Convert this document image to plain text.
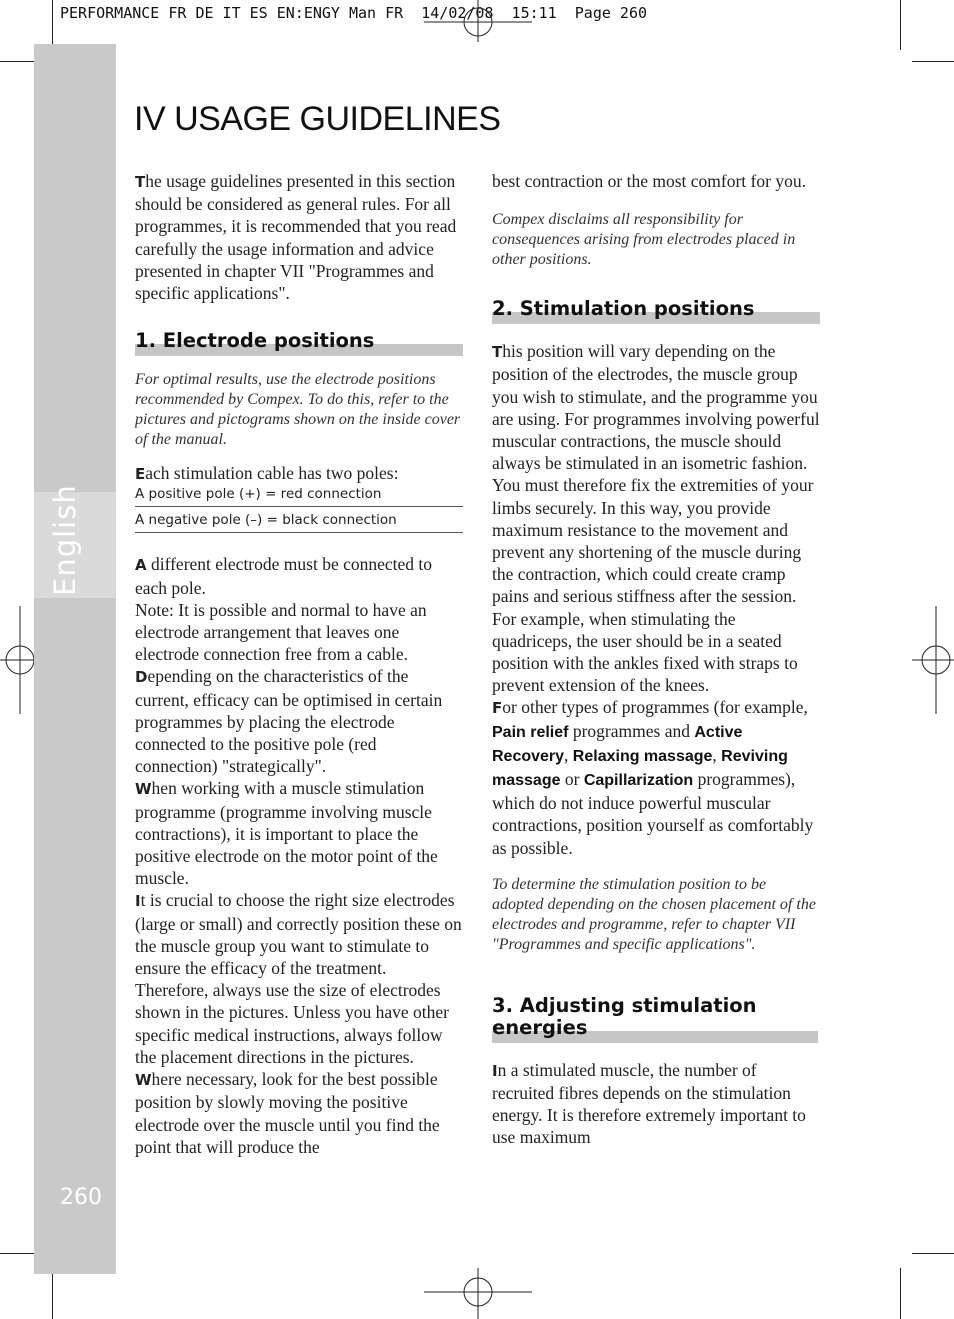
PERFORMANCE FR DE IT ES EN:ENGY Man FR  14/02/08  15:11  Page 260
English
260
IV USAGE GUIDELINES

The usage guidelines presented in this section should be considered as general rules. For all programmes, it is recommended that you read carefully the usage information and advice presented in chapter VII "Programmes and specific applications".

1. Electrode positions

For optimal results, use the electrode positions recommended by Compex. To do this, refer to the pictures and pictograms shown on the inside cover of the manual.

Each stimulation cable has two poles:

A positive pole (+) = red connection
A negative pole (–) = black connection

A different electrode must be connected to each pole.

Note: It is possible and normal to have an electrode arrangement that leaves one electrode connection free from a cable.

Depending on the characteristics of the current, efficacy can be optimised in certain programmes by placing the electrode connected to the positive pole (red connection) "strategically".

When working with a muscle stimulation programme (programme involving muscle contractions), it is important to place the positive electrode on the motor point of the muscle.

It is crucial to choose the right size electrodes (large or small) and correctly position these on the muscle group you want to stimulate to ensure the efficacy of the treatment. Therefore, always use the size of electrodes shown in the pictures. Unless you have other specific medical instructions, always follow the placement directions in the pictures.

Where necessary, look for the best possible position by slowly moving the positive electrode over the muscle until you find the point that will produce the

best contraction or the most comfort for you.

Compex disclaims all responsibility for consequences arising from electrodes placed in other positions.

2. Stimulation positions

This position will vary depending on the position of the electrodes, the muscle group you wish to stimulate, and the programme you are using. For programmes involving powerful muscular contractions, the muscle should always be stimulated in an isometric fashion. You must therefore fix the extremities of your limbs securely. In this way, you provide maximum resistance to the movement and prevent any shortening of the muscle during the contraction, which could create cramp pains and serious stiffness after the session. For example, when stimulating the quadriceps, the user should be in a seated position with the ankles fixed with straps to prevent extension of the knees.

For other types of programmes (for example, Pain relief programmes and Active Recovery, Relaxing massage, Reviving massage or Capillarization programmes), which do not induce powerful muscular contractions, position yourself as comfortably as possible.

To determine the stimulation position to be adopted depending on the chosen placement of the electrodes and programme, refer to chapter VII "Programmes and specific applications".

3. Adjusting stimulation energies

In a stimulated muscle, the number of recruited fibres depends on the stimulation energy. It is therefore extremely important to use maximum
